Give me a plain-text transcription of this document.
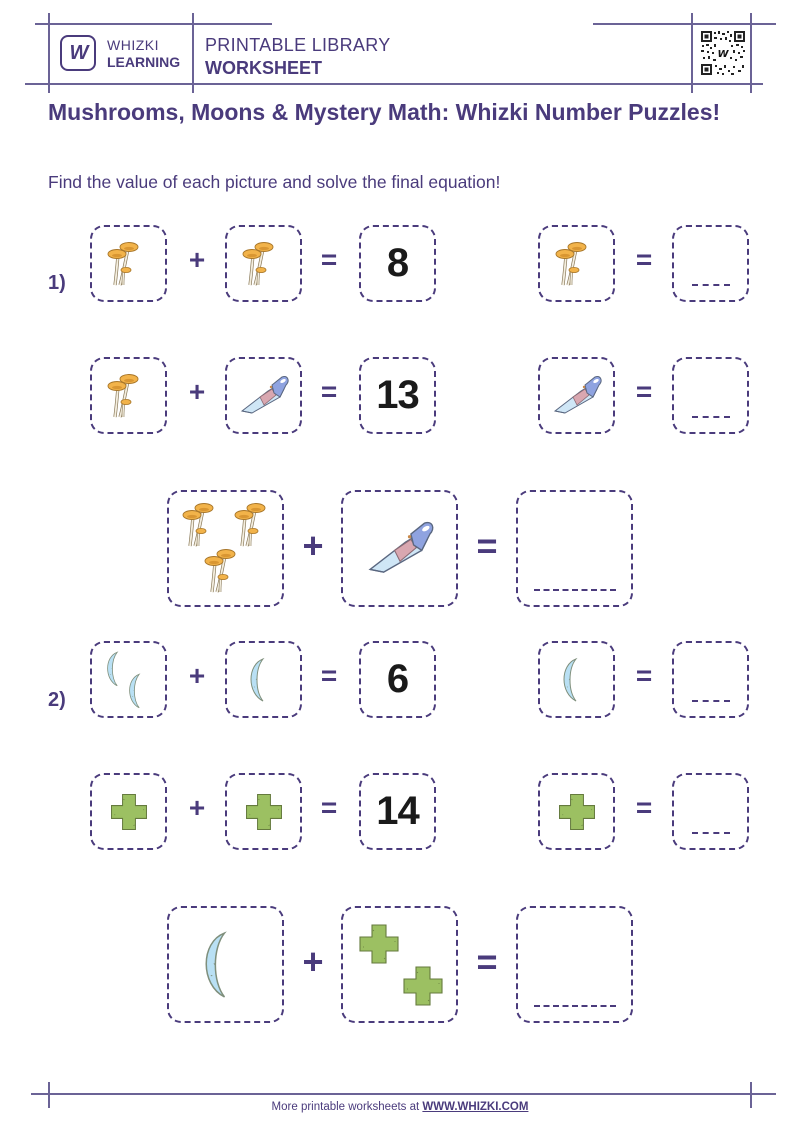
W WHIZKI
LEARNING
PRINTABLE LIBRARY
WORKSHEET
W
Mushrooms, Moons & Mystery Math: Whizki Number Puzzles!
Find the value of each picture and solve the final equation!
1)
+	= 8	=
+	= 13	=
+	=
2)
+	= 6	=
+	= 14	=
+	=
More printable worksheets at WWW.WHIZKI.COM
